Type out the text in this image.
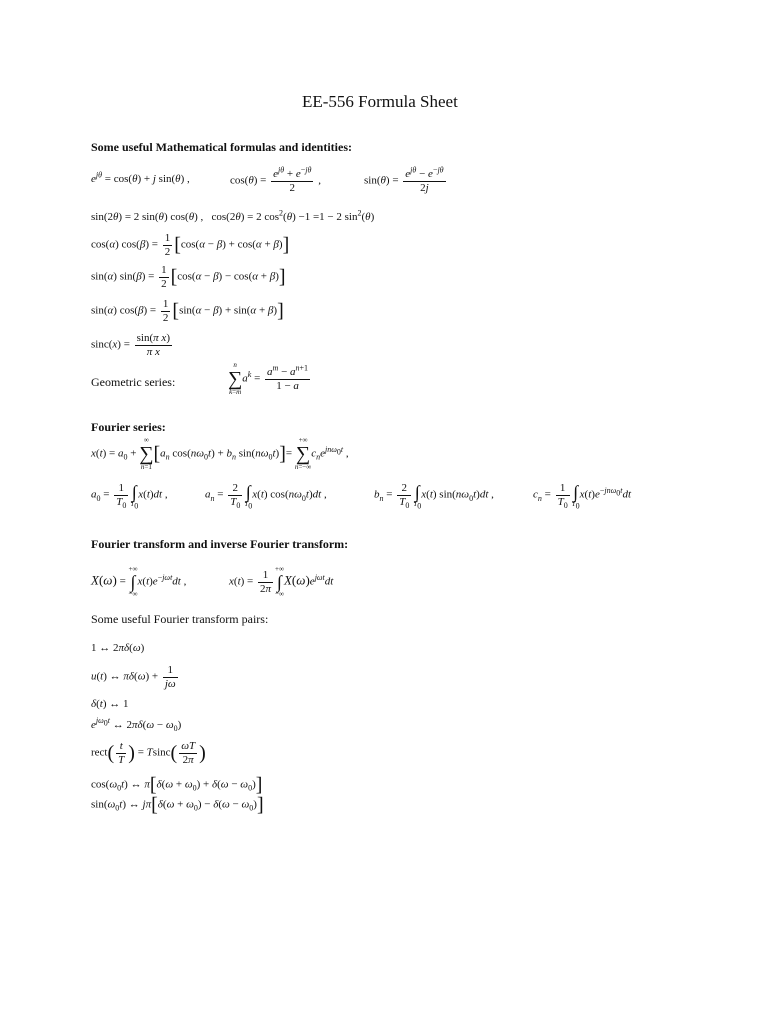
EE-556 Formula Sheet
Some useful Mathematical formulas and identities:
$e^{j\theta} = \cos(\theta) + j$ sin(θ) ,	$\cos(\theta) = \frac{e^{j\theta} + e^{-j\theta}}{2}$ ,	$\sin(\theta) = \frac{e^{j\theta} - e^{-j\theta}}{2j}$
sin(2θ) = 2 sin(θ) cos(θ) ,   cos(2θ) = 2 $\cos^2(\theta) -1 =1 - 2$ $\sin^2(\theta)$
cos(α) $\cos(\beta) = \frac{1}{2} [\cos(\alpha - \beta) + \cos(\alpha + \beta)]$
sin(α) $\sin(\beta) = \frac{1}{2} [\cos(\alpha - \beta) - \cos(\alpha + \beta)]$
sin(α) $\cos(\beta) = \frac{1}{2} [\sin(\alpha - \beta) + \sin(\alpha + \beta)]$
$\sin c(x) = \frac{\text{sin(π x)}}{\text{π x}}$
Geometric series:
n
∑
k=m
$a^k = \frac{a^m - a^{n+1}}{1 - a}$
Fourier series:
$x(t) = a_0$ +
∞
∑
n=1
[$a_n$ $\cos(n\omega_0t) + b_n$ $\sin(n\omega_0t)]=$
+∞
∑
n=−∞
$c_ne^{jn\omega_0t}$ ,
$a_0 = \frac{1}{T_0}$ ∫
$T_0$
x(t)dt ,	$a_n = \frac{2}{T_0}$ ∫
$T_0$
x(t) $\cos(n\omega_0t)dt$ ,	$b_n = \frac{2}{T_0}$ ∫
$T_0$
x(t) $\sin(n\omega_0t)dt$ ,	$c_n = \frac{1}{T_0}$ ∫
$T_0$
$x(t)e^{-jn\omega_0t}dt$
Fourier transform and inverse Fourier transform:
X(ω) =
+∞
∫
−∞
$x(t)e^{-j\omega t}dt$ ,	$x(t) = \frac{1}{2\pi}$ +∞
∫
−∞
$X(\omega)e^{j\omega t}dt$
Some useful Fourier transform pairs:
1 ↔ 2πδ(ω)
u(t) ↔ $\pi\delta(\omega) + \frac{1}{j\omega}$
δ(t) ↔ 1
$e^{j\omega_0t}$ ↔ $2\pi\delta(\omega - \omega_0)$
rect( $\frac{t}{T}$ ) = $Tsinc( \frac{\omega T}{2\pi}$ )
$\cos(\omega_0t)$ ↔ $\pi[\delta(\omega + \omega_0) + \delta(\omega - \omega_0)]$
$\sin(\omega_0t)$ ↔ $j\pi[\delta(\omega + \omega_0) - \delta(\omega - \omega_0)]$
